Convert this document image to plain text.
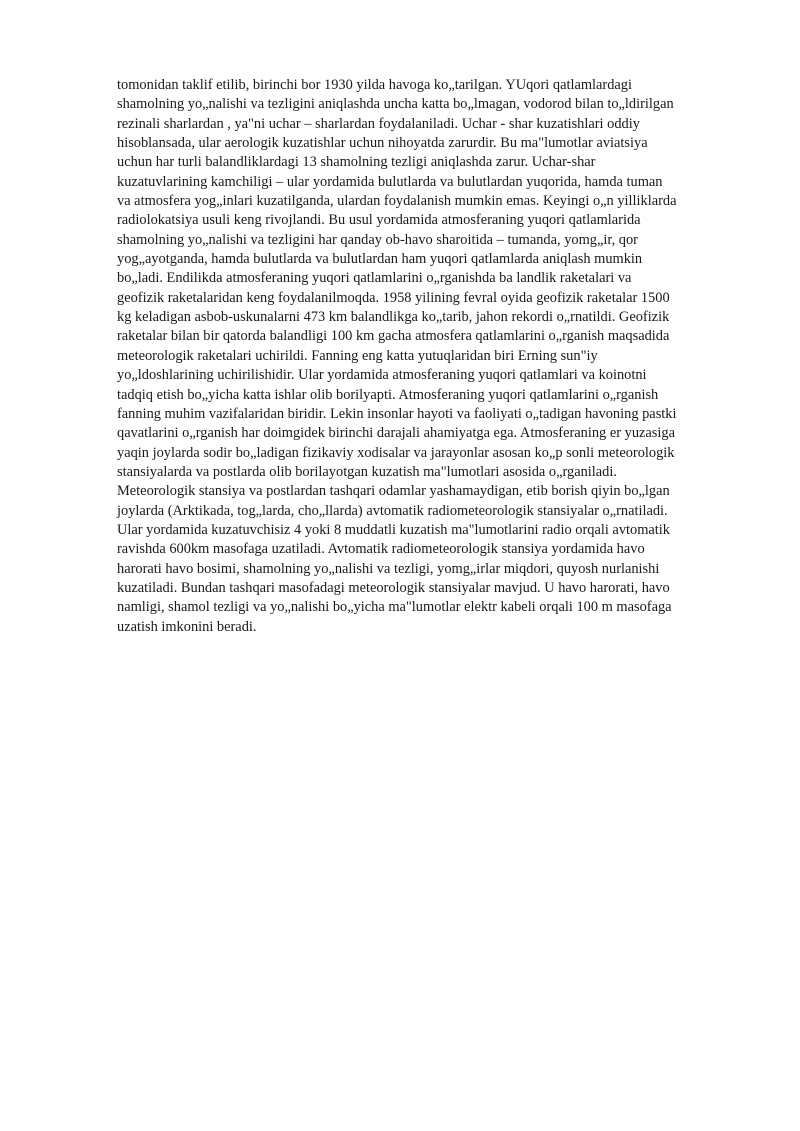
tomonidan taklif etilib, birinchi bor 1930 yilda havoga ko„tarilgan. YUqori qatlamlardagi
shamolning yo„nalishi va tezligini aniqlashda uncha katta bo„lmagan, vodorod bilan to„ldirilgan
rezinali sharlardan , ya"ni uchar – sharlardan foydalaniladi. Uchar - shar kuzatishlari oddiy
hisoblansada, ular aerologik kuzatishlar uchun nihoyatda zarurdir. Bu ma"lumotlar aviatsiya
uchun har turli balandliklardagi 13 shamolning tezligi aniqlashda zarur. Uchar-shar
kuzatuvlarining kamchiligi – ular yordamida bulutlarda va bulutlardan yuqorida, hamda tuman
va atmosfera yog„inlari kuzatilganda, ulardan foydalanish mumkin emas. Keyingi o„n yilliklarda
radiolokatsiya usuli keng rivojlandi. Bu usul yordamida atmosferaning yuqori qatlamlarida
shamolning yo„nalishi va tezligini har qanday ob-havo sharoitida – tumanda, yomg„ir, qor
yog„ayotganda, hamda bulutlarda va bulutlardan ham yuqori qatlamlarda aniqlash mumkin
bo„ladi. Endilikda atmosferaning yuqori qatlamlarini o„rganishda ba landlik raketalari va
geofizik raketalaridan keng foydalanilmoqda. 1958 yilining fevral oyida geofizik raketalar 1500
kg keladigan asbob-uskunalarni 473 km balandlikga ko„tarib, jahon rekordi o„rnatildi. Geofizik
raketalar bilan bir qatorda balandligi 100 km gacha atmosfera qatlamlarini o„rganish maqsadida
meteorologik raketalari uchirildi. Fanning eng katta yutuqlaridan biri Erning sun"iy
yo„ldoshlarining uchirilishidir. Ular yordamida atmosferaning yuqori qatlamlari va koinotni
tadqiq etish bo„yicha katta ishlar olib borilyapti. Atmosferaning yuqori qatlamlarini o„rganish
fanning muhim vazifalaridan biridir. Lekin insonlar hayoti va faoliyati o„tadigan havoning pastki
qavatlarini o„rganish har doimgidek birinchi darajali ahamiyatga ega. Atmosferaning er yuzasiga
yaqin joylarda sodir bo„ladigan fizikaviy xodisalar va jarayonlar asosan ko„p sonli meteorologik
stansiyalarda va postlarda olib borilayotgan kuzatish ma"lumotlari asosida o„rganiladi.
Meteorologik stansiya va postlardan tashqari odamlar yashamaydigan, etib borish qiyin bo„lgan
joylarda (Arktikada, tog„larda, cho„llarda) avtomatik radiometeorologik stansiyalar o„rnatiladi.
Ular yordamida kuzatuvchisiz 4 yoki 8 muddatli kuzatish ma"lumotlarini radio orqali avtomatik
ravishda 600km masofaga uzatiladi. Avtomatik radiometeorologik stansiya yordamida havo
harorati havo bosimi, shamolning yo„nalishi va tezligi, yomg„irlar miqdori, quyosh nurlanishi
kuzatiladi. Bundan tashqari masofadagi meteorologik stansiyalar mavjud. U havo harorati, havo
namligi, shamol tezligi va yo„nalishi bo„yicha ma"lumotlar elektr kabeli orqali 100 m masofaga
uzatish imkonini beradi.
